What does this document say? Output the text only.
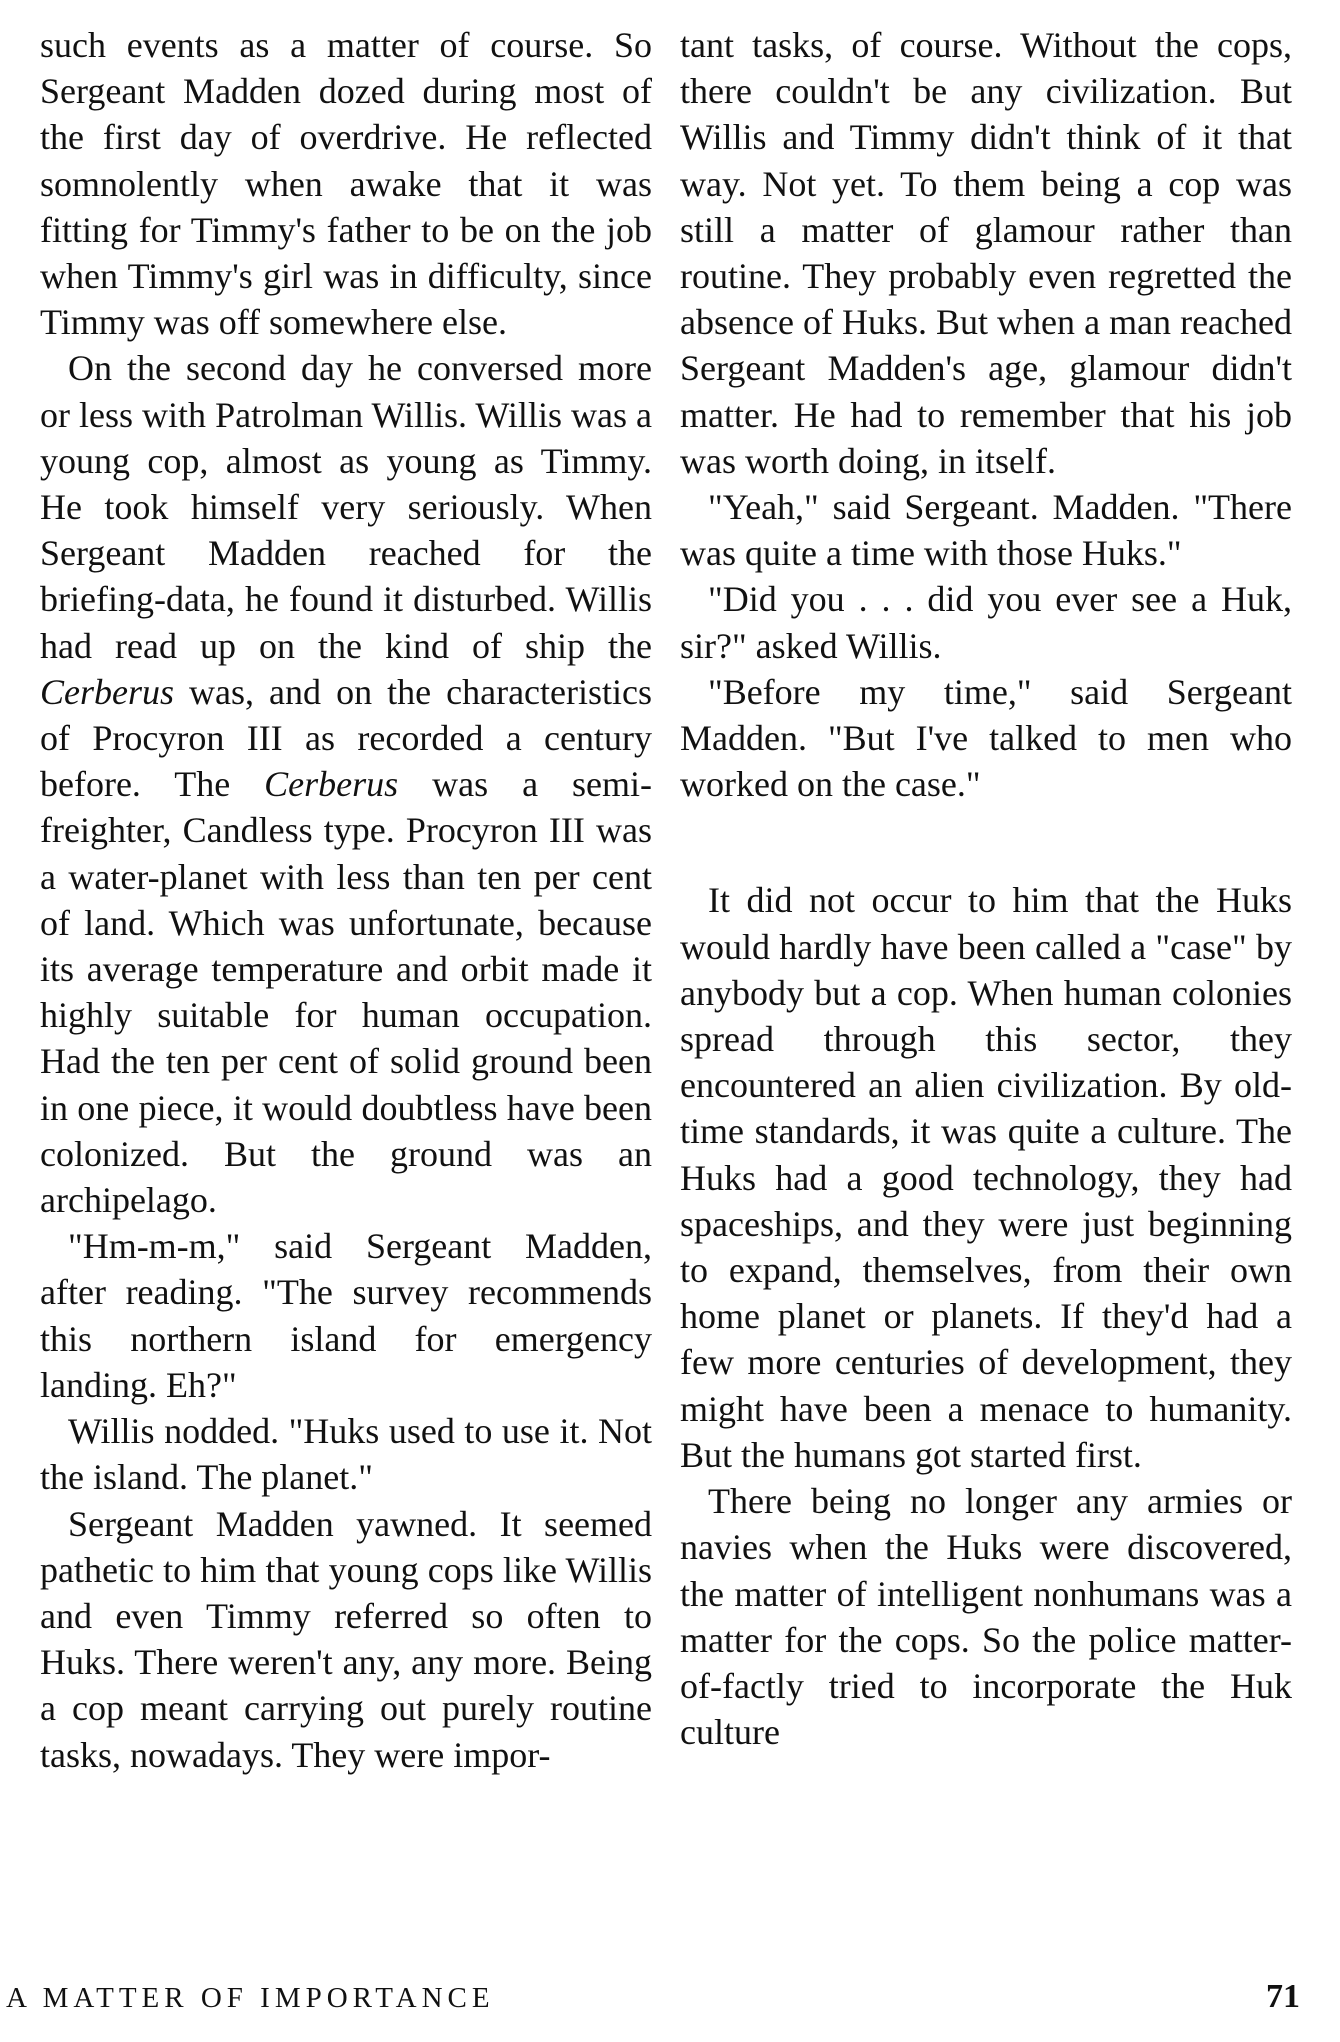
such events as a matter of course. So Sergeant Madden dozed during most of the first day of overdrive. He reflected somnolently when awake that it was fitting for Timmy's father to be on the job when Timmy's girl was in difficulty, since Timmy was off somewhere else.

On the second day he conversed more or less with Patrolman Willis. Willis was a young cop, almost as young as Timmy. He took himself very seriously. When Sergeant Madden reached for the briefing-data, he found it disturbed. Willis had read up on the kind of ship the Cerberus was, and on the characteristics of Procyron III as recorded a century before. The Cerberus was a semi-freighter, Candless type. Procyron III was a water-planet with less than ten per cent of land. Which was unfortunate, because its average temperature and orbit made it highly suitable for human occupation. Had the ten per cent of solid ground been in one piece, it would doubtless have been colonized. But the ground was an archipelago.

"Hm-m-m," said Sergeant Madden, after reading. "The survey recommends this northern island for emergency landing. Eh?"

Willis nodded. "Huks used to use it. Not the island. The planet."

Sergeant Madden yawned. It seemed pathetic to him that young cops like Willis and even Timmy referred so often to Huks. There weren't any, any more. Being a cop meant carrying out purely routine tasks, nowadays. They were impor-

tant tasks, of course. Without the cops, there couldn't be any civilization. But Willis and Timmy didn't think of it that way. Not yet. To them being a cop was still a matter of glamour rather than routine. They probably even regretted the absence of Huks. But when a man reached Sergeant Madden's age, glamour didn't matter. He had to remember that his job was worth doing, in itself.

"Yeah," said Sergeant. Madden. "There was quite a time with those Huks."

"Did you . . . did you ever see a Huk, sir?" asked Willis.

"Before my time," said Sergeant Madden. "But I've talked to men who worked on the case."

It did not occur to him that the Huks would hardly have been called a "case" by anybody but a cop. When human colonies spread through this sector, they encountered an alien civilization. By old-time standards, it was quite a culture. The Huks had a good technology, they had spaceships, and they were just beginning to expand, themselves, from their own home planet or planets. If they'd had a few more centuries of development, they might have been a menace to humanity. But the humans got started first.

There being no longer any armies or navies when the Huks were discovered, the matter of intelligent nonhumans was a matter for the cops. So the police matter-of-factly tried to incorporate the Huk culture

A MATTER OF IMPORTANCE	71
